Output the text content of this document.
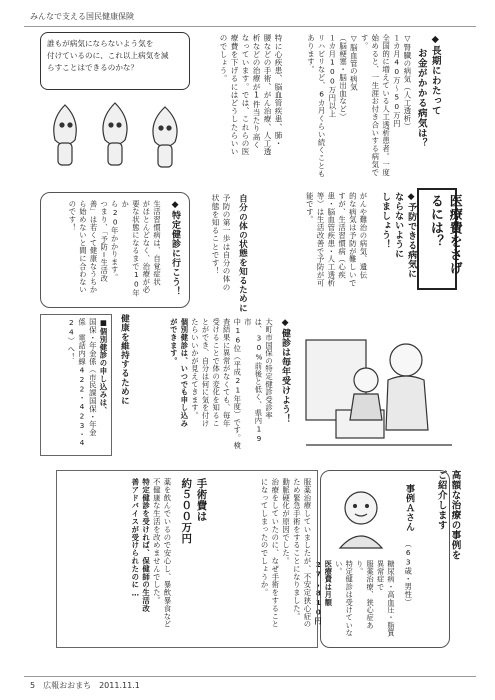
みんなで支える国民健康保険
誰もが病気にならないよう気を
付けているのに、これ以上病気を減
らすことはできるのかな？	◆長期にわたって
お金がかかる病気は？
▽腎臓の病気（人工透析）
１カ月40万〜50万円
全国的に増えている人工透析患者。一度始めると、一生涯お付き合いする病気です。
▽脳血管の病気
（脳梗塞・脳出血など）
１カ月100万円以上
リハビリなど、6カ月くらい続くこともあります。
特に心疾患、脳血管疾患、肺・
腰などの手術、がん治療、人工透
析などの治療が1件当たり高く
なっています。では、これらの医
療費を下げるにはどうしたらいい
のでしょう。
医療費をさげるには？
◆予防できる病気に
ならないように
しましょう！
がんや難治の病気、遺伝
的な病気は予防が難しいで
すが、生活習慣病（心疾
患・脳血管疾患・人工透析
等）は生活改善で予防が可
能です。
自分の体の状態を知るために
予防の第一歩は自分の体の
状態を知ることです！
◆特定健診に行こう！
生活習慣病は、自覚症状
がほとんどなく、治療が必
要な状態になるまで10年か
ら20年かかります。
つまり、「予防＝生活改
善」は若くて健康なうちか
ら始めないと間に合わない
のです！
健康を維持するために
■個別健診の申し込みは、
国保・年金係（市民課国保・年金
係　電話内線422・423・4
24）へ！	◆健診は毎年受けよう！
大町市国保の特定健診受診率
は、30%前後と低く、県内19市
中16位（平成21年度）です。検
査結果に異常がなくても、毎年
受けることで体の変化を知るこ
とができ、自分は何に気を付け
たらいいかが見えてきます。
個別健診は、いつでも申し込み
ができます。
高額な治療の事例を
ご紹介します
事例Ａさん
（63歳・男性）
糖尿病・高血圧・脂質異常症で
服薬治療、狭心症あり。
特定健診は受けていない。
医療費は月額27,810円
服薬治療していましたが、不安定狭心症の
ため緊急手術をすることになりました。
動脈硬化が原因でした。
治療をしていたのに、なぜ手術をすること
になってしまったのでしょうか。
手術費は
約５００万円
薬を飲んでいるので安心し、暴飲暴食など
不健康な生活を改めませんでした。
特定健診を受ければ、保健師の生活改
善アドバイスが受けられたのに…
5　広報おおまち　2011.11.1
